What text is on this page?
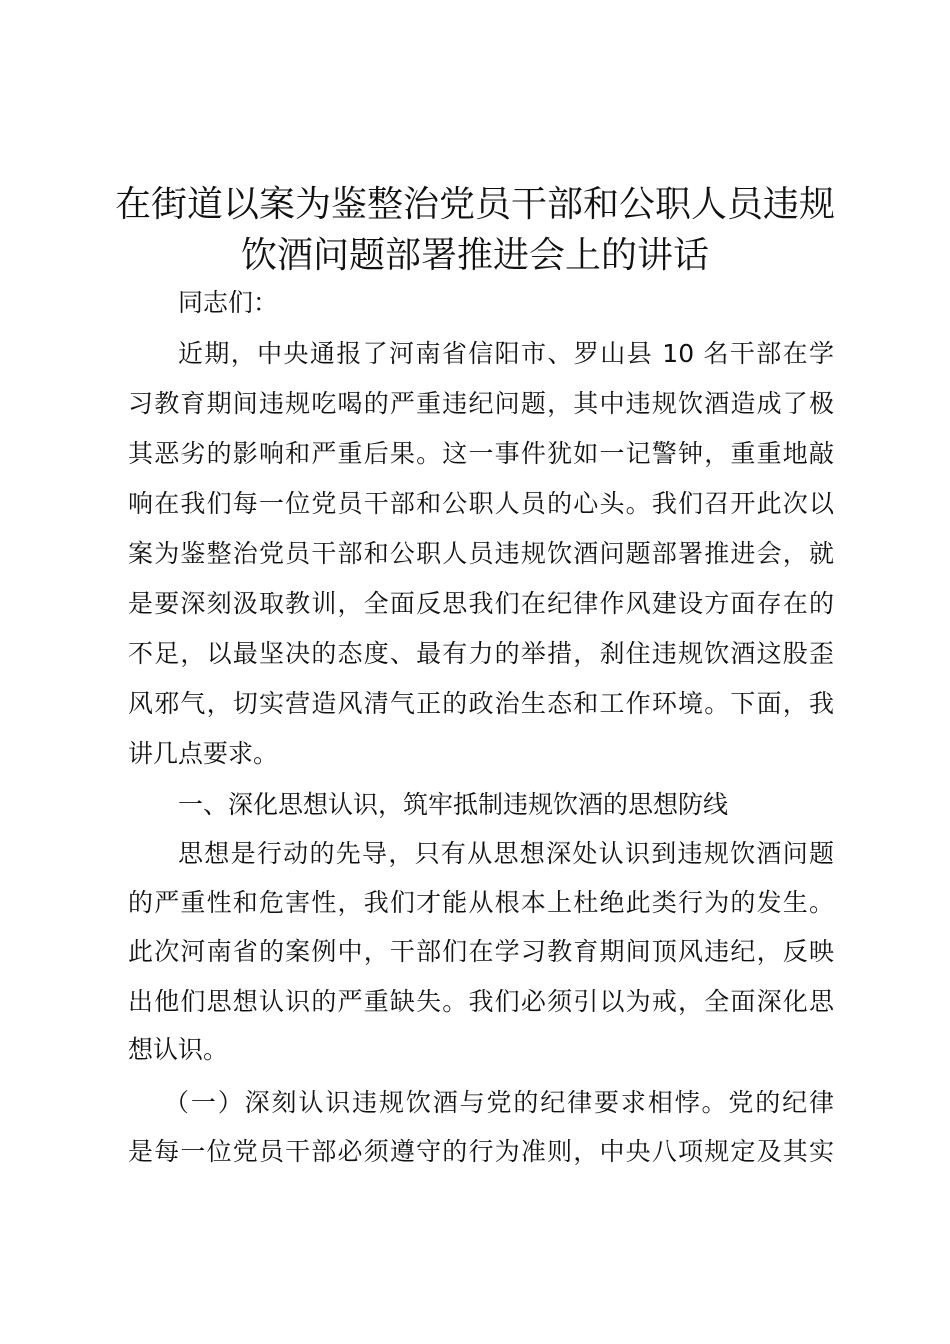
在街道以案为鉴整治党员干部和公职人员违规
饮酒问题部署推进会上的讲话
同志们：
近期，中央通报了河南省信阳市、罗山县 10 名干部在学
习教育期间违规吃喝的严重违纪问题，其中违规饮酒造成了极
其恶劣的影响和严重后果。这一事件犹如一记警钟，重重地敲
响在我们每一位党员干部和公职人员的心头。我们召开此次以
案为鉴整治党员干部和公职人员违规饮酒问题部署推进会，就
是要深刻汲取教训，全面反思我们在纪律作风建设方面存在的
不足，以最坚决的态度、最有力的举措，刹住违规饮酒这股歪
风邪气，切实营造风清气正的政治生态和工作环境。下面，我
讲几点要求。
一、深化思想认识，筑牢抵制违规饮酒的思想防线
思想是行动的先导，只有从思想深处认识到违规饮酒问题
的严重性和危害性，我们才能从根本上杜绝此类行为的发生。
此次河南省的案例中，干部们在学习教育期间顶风违纪，反映
出他们思想认识的严重缺失。我们必须引以为戒，全面深化思
想认识。
（一）深刻认识违规饮酒与党的纪律要求相悖。党的纪律
是每一位党员干部必须遵守的行为准则，中央八项规定及其实
